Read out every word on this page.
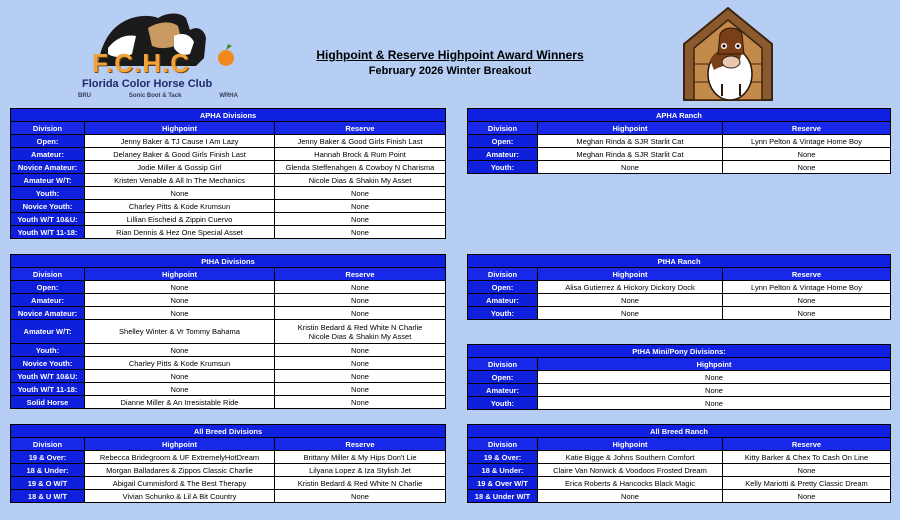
F.C.H.C
Florida Color Horse Club
BRU	Sonic Boot & Tack	WRHA
Highpoint & Reserve Highpoint Award Winners
February 2026 Winter Breakout
APHA Divisions		
Division	Highpoint	Reserve
Open:	Jenny Baker & TJ Cause I Am Lazy	Jenny Baker & Good Girls Finish Last
Amateur:	Delaney Baker & Good Girls Finish Last	Hannah Brock & Rum Point
Novice Amateur:	Jodie Miller & Gossip Girl	Glenda Steffenahgen & Cowboy N Charisma
Amateur W/T:	Kristen Venable & All In The Mechanics	Nicole Dias & Shakin My Asset
Youth:	None	None
Novice Youth:	Charley Pitts & Kode Krumsun	None
Youth W/T 10&U:	Lillian Eischeid & Zippin Cuervo	None
Youth W/T 11-18:	Rian Dennis & Hez One Special Asset	None
APHA Ranch		
Division	Highpoint	Reserve
Open:	Meghan Rinda & SJR Starlit Cat	Lynn Pelton & Vintage Home Boy
Amateur:	Meghan Rinda & SJR Starlit Cat	None
Youth:	None	None
PtHA Divisions		
Division	Highpoint	Reserve
Open:	None	None
Amateur:	None	None
Novice Amateur:	None	None
Amateur W/T:	Shelley Winter & Vr Tommy Bahama	Kristin Bedard & Red White N Charlie
Nicole Dias & Shakin My Asset
Youth:	None	None
Novice Youth:	Charley Pitts & Kode Krumsun	None
Youth W/T 10&U:	None	None
Youth W/T 11-18:	None	None
Solid Horse	Dianne Miller & An Irresistable Ride	None
PtHA Ranch		
Division	Highpoint	Reserve
Open:	Alisa Gutierrez & Hickory Dickory Dock	Lynn Pelton & Vintage Home Boy
Amateur:	None	None
Youth:	None	None
PtHA Mini/Pony Divisions:	
Division	Highpoint
Open:	None
Amateur:	None
Youth:	None
All Breed Divisions		
Division	Highpoint	Reserve
19 & Over:	Rebecca Bridegroom & UF ExtremelyHotDream	Brittany Miller & My Hips Don't Lie
18 & Under:	Morgan Balladares & Zippos Classic Charlie	Lilyana Lopez & Iza Stylish Jet
19 & O W/T	Abigail Cummisford & The Best Therapy	Kristin Bedard & Red White N Charlie
18 & U W/T	Vivian Schunko & Lil A Bit Country	None
All Breed Ranch		
Division	Highpoint	Reserve
19 & Over:	Katie Bigge & Johns Southern Comfort	Kitty Barker & Chex To Cash On Line
18 & Under:	Claire Van Norwick & Voodoos Frosted Dream	None
19 & Over W/T	Erica Roberts & Hancocks Black Magic	Kelly Mariotti & Pretty Classic Dream
18 & Under W/T	None	None
